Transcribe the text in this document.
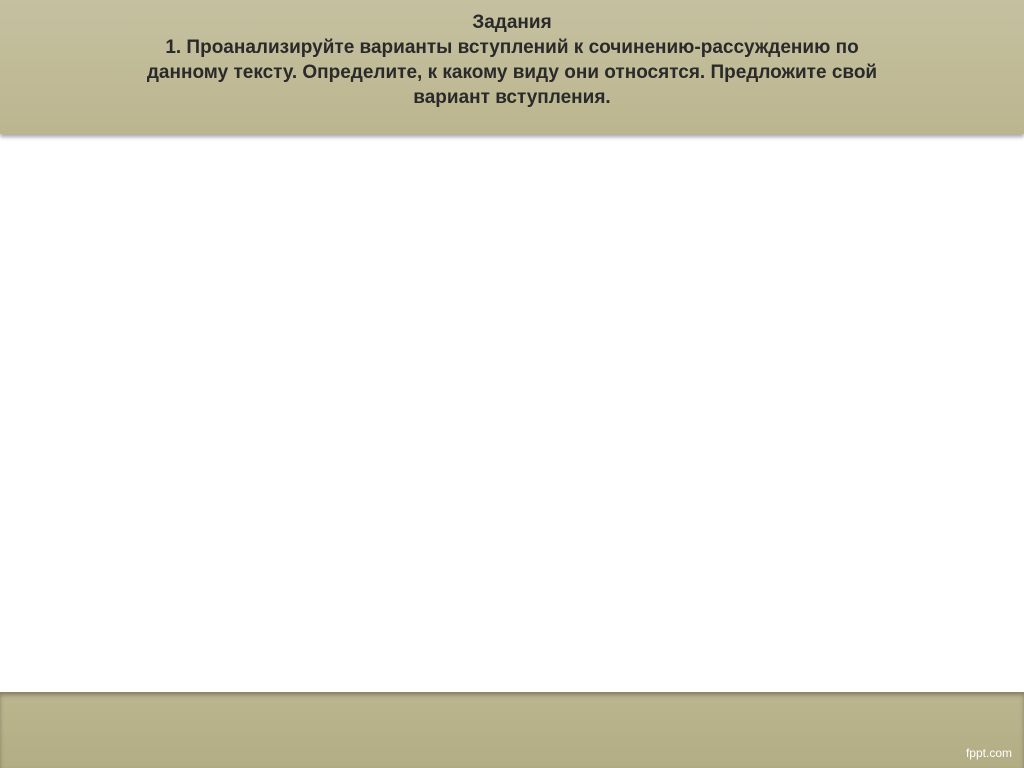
Задания
1. Проанализируйте варианты вступлений к сочинению-рассуждению по
данному тексту. Определите, к какому виду они относятся. Предложите свой
вариант вступления.
fppt.com
